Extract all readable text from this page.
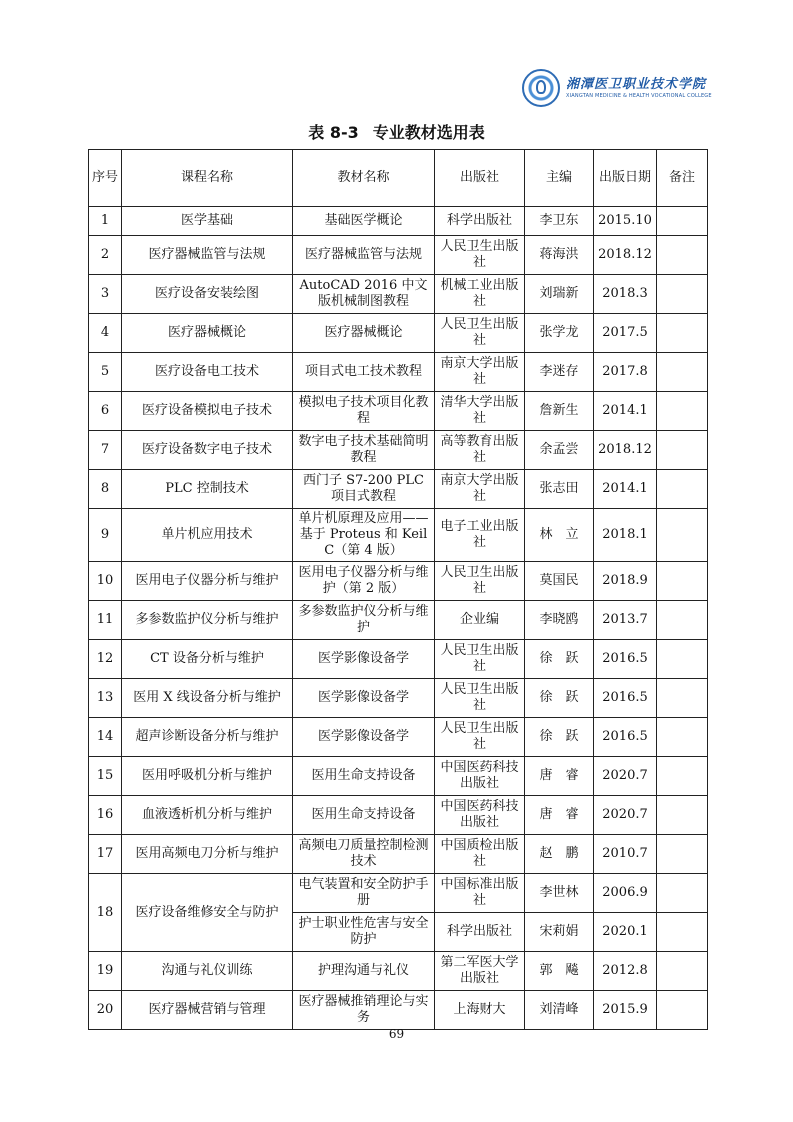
湘潭医卫职业技术学院
XIANGTAN MEDICINE & HEALTH VOCATIONAL COLLEGE
表 8-3 专业教材选用表
序号	课程名称	教材名称	出版社	主编	出版日期	备注
1	医学基础	基础医学概论	科学出版社	李卫东	2015.10	
2	医疗器械监管与法规	医疗器械监管与法规	人民卫生出版社	蒋海洪	2018.12	
3	医疗设备安装绘图	AutoCAD 2016 中文版机械制图教程	机械工业出版社	刘瑞新	2018.3	
4	医疗器械概论	医疗器械概论	人民卫生出版社	张学龙	2017.5	
5	医疗设备电工技术	项目式电工技术教程	南京大学出版社	李迷存	2017.8	
6	医疗设备模拟电子技术	模拟电子技术项目化教程	清华大学出版社	詹新生	2014.1	
7	医疗设备数字电子技术	数字电子技术基础简明教程	高等教育出版社	余孟尝	2018.12	
8	PLC 控制技术	西门子 S7-200 PLC 项目式教程	南京大学出版社	张志田	2014.1	
9	单片机应用技术	单片机原理及应用——基于 Proteus 和 Keil C（第 4 版）	电子工业出版社	林　立	2018.1	
10	医用电子仪器分析与维护	医用电子仪器分析与维护（第 2 版）	人民卫生出版社	莫国民	2018.9	
11	多参数监护仪分析与维护	多参数监护仪分析与维护	企业编	李晓鸥	2013.7	
12	CT 设备分析与维护	医学影像设备学	人民卫生出版社	徐　跃	2016.5	
13	医用 X 线设备分析与维护	医学影像设备学	人民卫生出版社	徐　跃	2016.5	
14	超声诊断设备分析与维护	医学影像设备学	人民卫生出版社	徐　跃	2016.5	
15	医用呼吸机分析与维护	医用生命支持设备	中国医药科技出版社	唐　睿	2020.7	
16	血液透析机分析与维护	医用生命支持设备	中国医药科技出版社	唐　睿	2020.7	
17	医用高频电刀分析与维护	高频电刀质量控制检测技术	中国质检出版社	赵　鹏	2010.7	
18	医疗设备维修安全与防护	电气装置和安全防护手册	中国标准出版社	李世林	2006.9	
		护士职业性危害与安全防护	科学出版社	宋莉娟	2020.1	
19	沟通与礼仪训练	护理沟通与礼仪	第二军医大学出版社	郭　飚	2012.8	
20	医疗器械营销与管理	医疗器械推销理论与实务	上海财大	刘清峰	2015.9	
69
